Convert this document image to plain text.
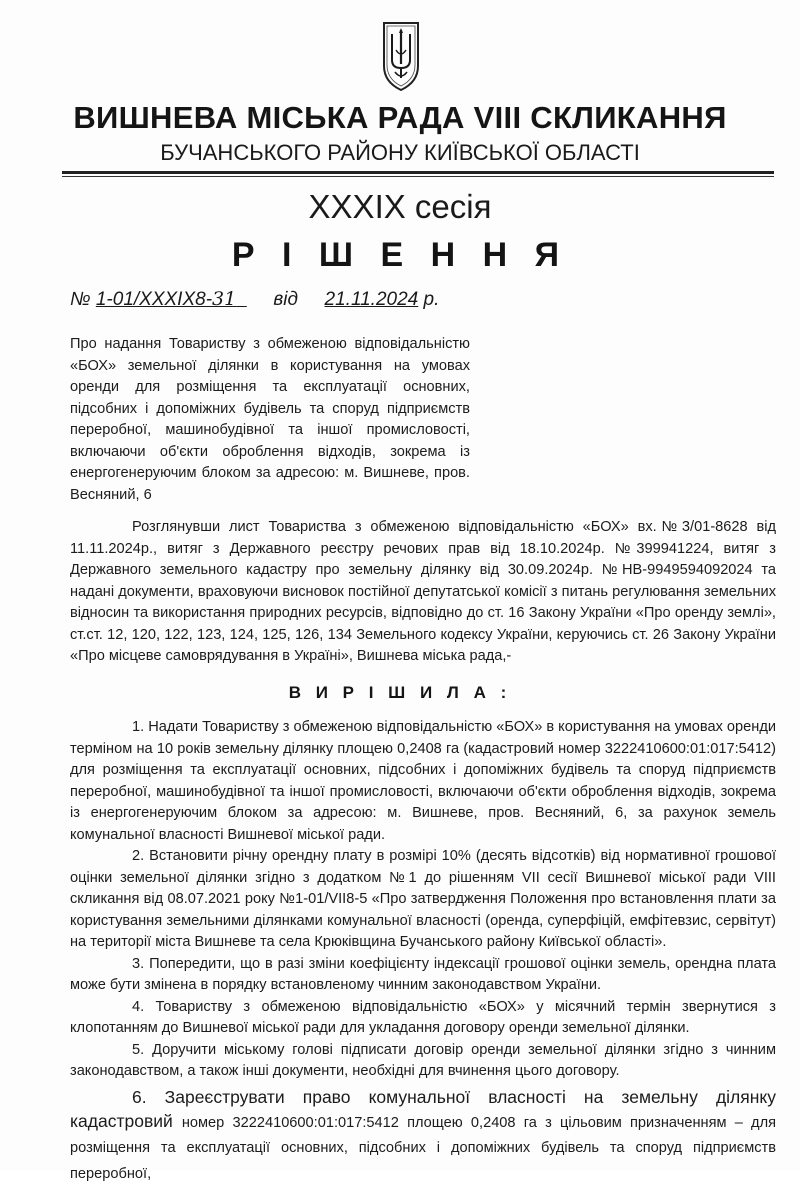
ВИШНЕВА МІСЬКА РАДА VIII СКЛИКАННЯ
БУЧАНСЬКОГО РАЙОНУ КИЇВСЬКОЇ ОБЛАСТІ
XXXIX сесія
Р І Ш Е Н Н Я
№ 1-01/XXXIX8-31 від 21.11.2024 р.
Про надання Товариству з обмеженою відповідальністю «БОХ» земельної ділянки в користування на умовах оренди для розміщення та експлуатації основних, підсобних і допоміжних будівель та споруд підприємств переробної, машинобудівної та іншої промисловості, включаючи об'єкти оброблення відходів, зокрема із енергогенеруючим блоком за адресою: м. Вишневе, пров. Весняний, 6
Розглянувши лист Товариства з обмеженою відповідальністю «БОХ» вх.№3/01-8628 від 11.11.2024р., витяг з Державного реєстру речових прав від 18.10.2024р. №399941224, витяг з Державного земельного кадастру про земельну ділянку від 30.09.2024р. №НВ-9949594092024 та надані документи, враховуючи висновок постійної депутатської комісії з питань регулювання земельних відносин та використання природних ресурсів, відповідно до ст. 16 Закону України «Про оренду землі», ст.ст. 12, 120, 122, 123, 124, 125, 126, 134 Земельного кодексу України, керуючись ст. 26 Закону України «Про місцеве самоврядування в Україні», Вишнева міська рада,-
В И Р І Ш И Л А :

1. Надати Товариству з обмеженою відповідальністю «БОХ» в користування на умовах оренди терміном на 10 років земельну ділянку площею 0,2408 га (кадастровий номер 3222410600:01:017:5412) для розміщення та експлуатації основних, підсобних і допоміжних будівель та споруд підприємств переробної, машинобудівної та іншої промисловості, включаючи об'єкти оброблення відходів, зокрема із енергогенеруючим блоком за адресою: м. Вишневе, пров. Весняний, 6, за рахунок земель комунальної власності Вишневої міської ради.

2. Встановити річну орендну плату в розмірі 10% (десять відсотків) від нормативної грошової оцінки земельної ділянки згідно з додатком №1 до рішенням VII сесії Вишневої міської ради VIII скликання від 08.07.2021 року №1-01/VII8-5 «Про затвердження Положення про встановлення плати за користування земельними ділянками комунальної власності (оренда, суперфіцій, емфітевзис, сервітут) на території міста Вишневе та села Крюківщина Бучанського району Київської області».

3. Попередити, що в разі зміни коефіцієнту індексації грошової оцінки земель, орендна плата може бути змінена в порядку встановленому чинним законодавством України.

4. Товариству з обмеженою відповідальністю «БОХ» у місячний термін звернутися з клопотанням до Вишневої міської ради для укладання договору оренди земельної ділянки.

5. Доручити міському голові підписати договір оренди земельної ділянки згідно з чинним законодавством, а також інші документи, необхідні для вчинення цього договору.

6. Зареєструвати право комунальної власності на земельну ділянку кадастровий номер 3222410600:01:017:5412 площею 0,2408 га з цільовим призначенням – для розміщення та експлуатації основних, підсобних і допоміжних будівель та споруд підприємств переробної,
